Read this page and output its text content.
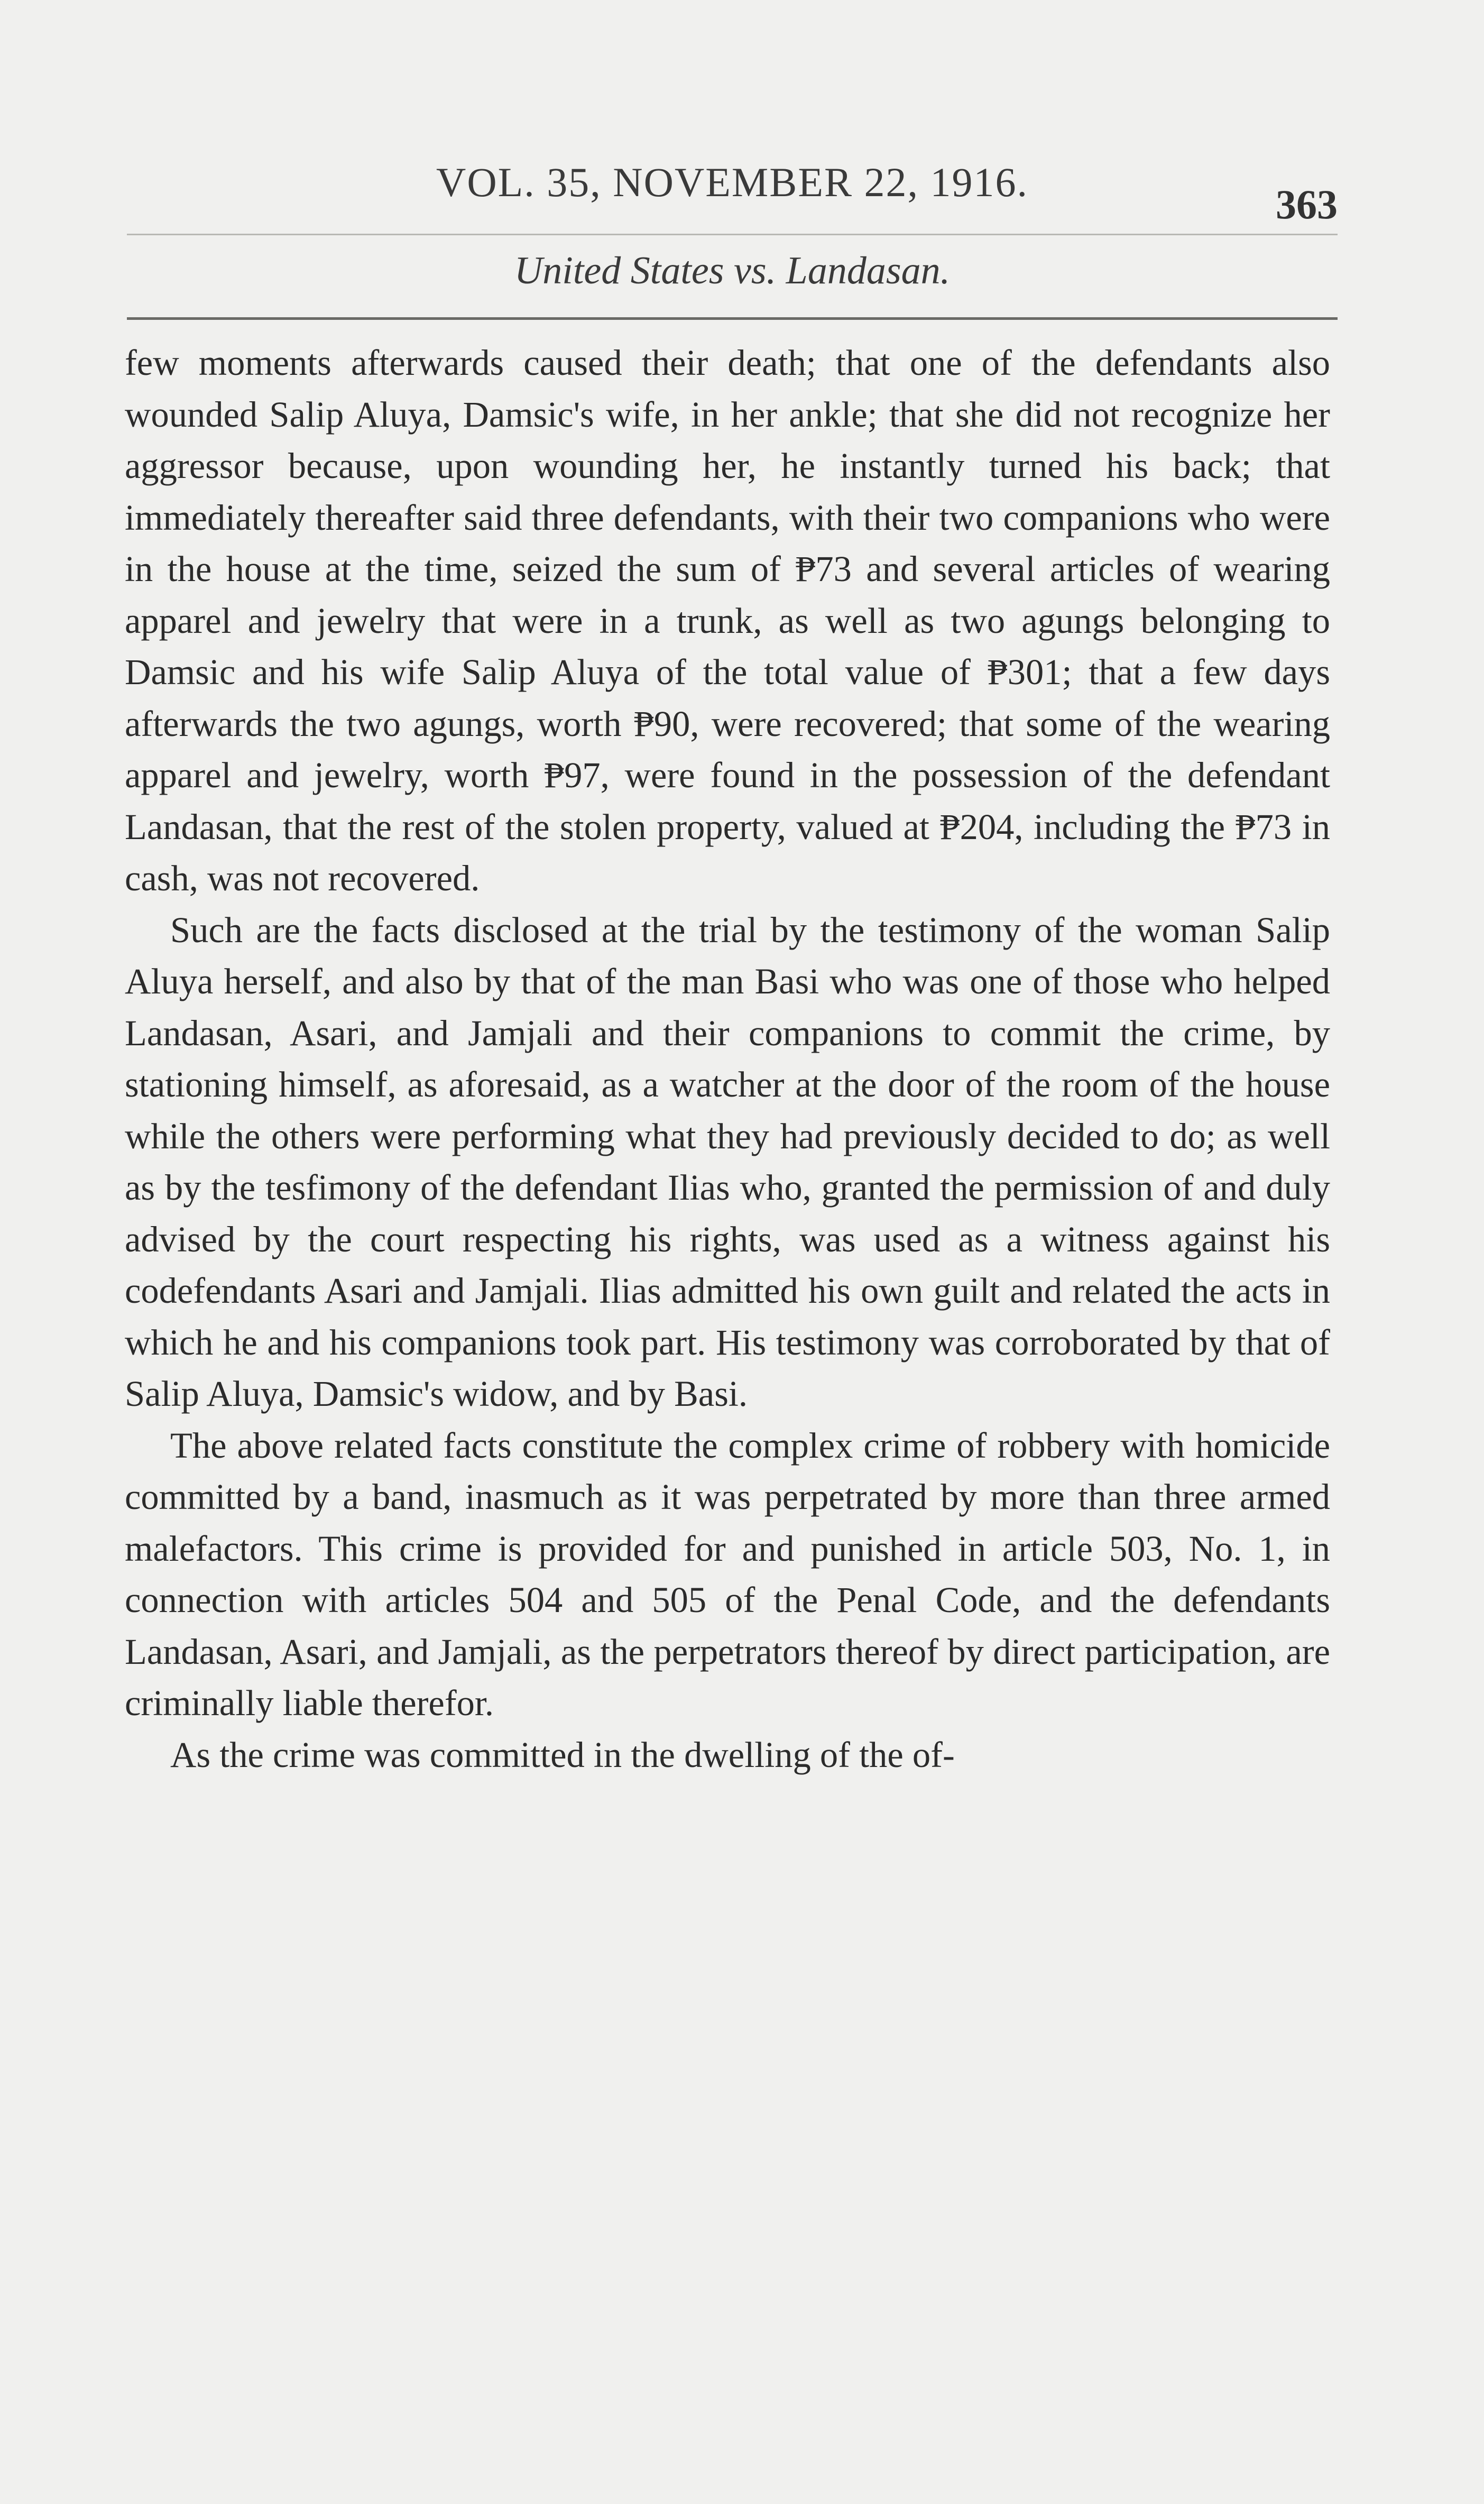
VOL. 35, NOVEMBER 22, 1916.	363
United States vs. Landasan.

few moments afterwards caused their death; that one of the defendants also wounded Salip Aluya, Damsic's wife, in her ankle; that she did not recognize her aggressor because, upon wounding her, he instantly turned his back; that immediately thereafter said three defendants, with their two companions who were in the house at the time, seized the sum of ₱73 and several articles of wearing apparel and jewelry that were in a trunk, as well as two agungs belonging to Damsic and his wife Salip Aluya of the total value of ₱301; that a few days afterwards the two agungs, worth ₱90, were recovered; that some of the wearing apparel and jewelry, worth ₱97, were found in the possession of the defendant Landasan, that the rest of the stolen property, valued at ₱204, including the ₱73 in cash, was not recovered.

Such are the facts disclosed at the trial by the testimony of the woman Salip Aluya herself, and also by that of the man Basi who was one of those who helped Landasan, Asari, and Jamjali and their companions to commit the crime, by stationing himself, as aforesaid, as a watcher at the door of the room of the house while the others were performing what they had previously decided to do; as well as by the tesfimony of the defendant Ilias who, granted the permission of and duly advised by the court respecting his rights, was used as a witness against his codefendants Asari and Jamjali. Ilias admitted his own guilt and related the acts in which he and his companions took part. His testimony was corroborated by that of Salip Aluya, Damsic's widow, and by Basi.

The above related facts constitute the complex crime of robbery with homicide committed by a band, inasmuch as it was perpetrated by more than three armed malefactors. This crime is provided for and punished in article 503, No. 1, in connection with articles 504 and 505 of the Penal Code, and the defendants Landasan, Asari, and Jamjali, as the perpetrators thereof by direct participation, are criminally liable therefor.

As the crime was committed in the dwelling of the of-
